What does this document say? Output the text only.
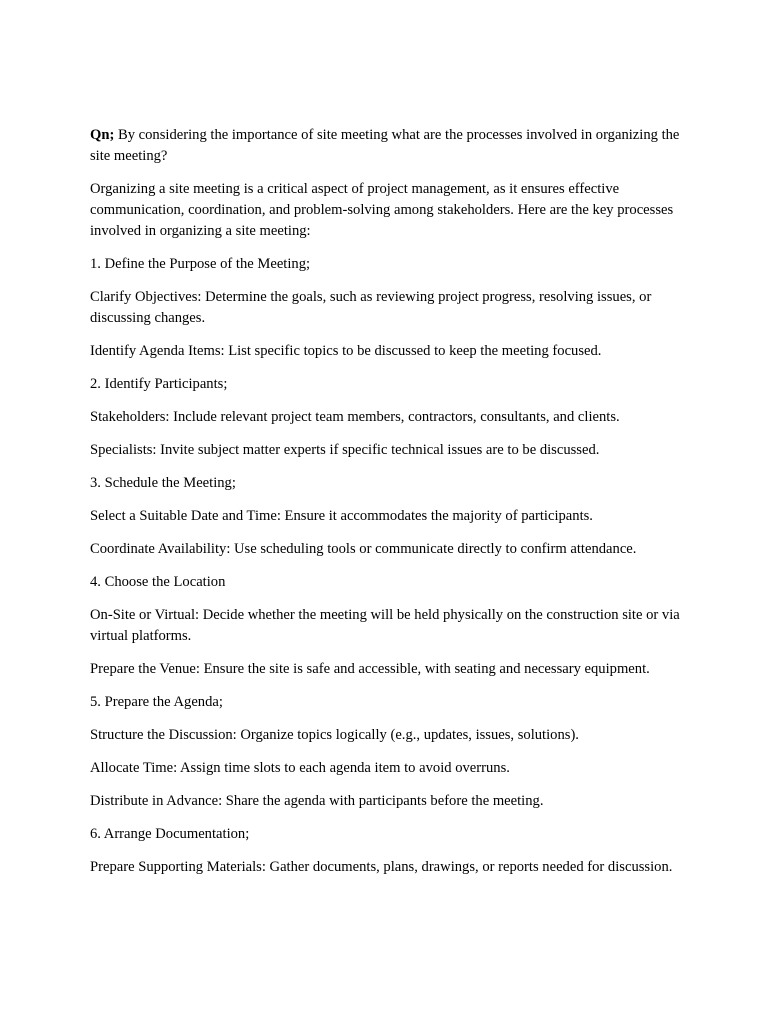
Qn; By considering the importance of site meeting what are the processes involved in organizing the site meeting?

Organizing a site meeting is a critical aspect of project management, as it ensures effective communication, coordination, and problem-solving among stakeholders. Here are the key processes involved in organizing a site meeting:

1. Define the Purpose of the Meeting;

Clarify Objectives: Determine the goals, such as reviewing project progress, resolving issues, or discussing changes.

Identify Agenda Items: List specific topics to be discussed to keep the meeting focused.

2. Identify Participants;

Stakeholders: Include relevant project team members, contractors, consultants, and clients.

Specialists: Invite subject matter experts if specific technical issues are to be discussed.

3. Schedule the Meeting;

Select a Suitable Date and Time: Ensure it accommodates the majority of participants.

Coordinate Availability: Use scheduling tools or communicate directly to confirm attendance.

4. Choose the Location

On-Site or Virtual: Decide whether the meeting will be held physically on the construction site or via virtual platforms.

Prepare the Venue: Ensure the site is safe and accessible, with seating and necessary equipment.

5. Prepare the Agenda;

Structure the Discussion: Organize topics logically (e.g., updates, issues, solutions).

Allocate Time: Assign time slots to each agenda item to avoid overruns.

Distribute in Advance: Share the agenda with participants before the meeting.

6. Arrange Documentation;

Prepare Supporting Materials: Gather documents, plans, drawings, or reports needed for discussion.
